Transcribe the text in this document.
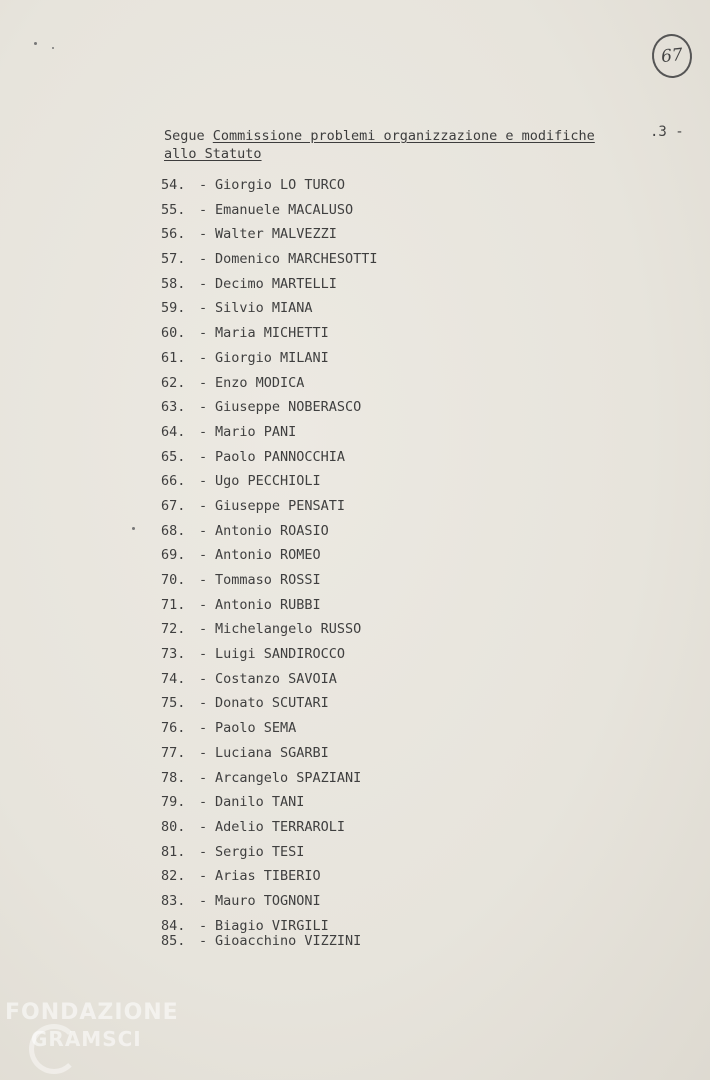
67
.3 -
Segue Commissione problemi organizzazione e modifiche
allo Statuto
54. - Giorgio LO TURCO
55. - Emanuele MACALUSO
56. - Walter MALVEZZI
57. - Domenico MARCHESOTTI
58. - Decimo MARTELLI
59. - Silvio MIANA
60. - Maria MICHETTI
61. - Giorgio MILANI
62. - Enzo MODICA
63. - Giuseppe NOBERASCO
64. - Mario PANI
65. - Paolo PANNOCCHIA
66. - Ugo PECCHIOLI
67. - Giuseppe PENSATI
68. - Antonio ROASIO
69. - Antonio ROMEO
70. - Tommaso ROSSI
71. - Antonio RUBBI
72. - Michelangelo RUSSO
73. - Luigi SANDIROCCO
74. - Costanzo SAVOIA
75. - Donato SCUTARI
76. - Paolo SEMA
77. - Luciana SGARBI
78. - Arcangelo SPAZIANI
79. - Danilo TANI
80. - Adelio TERRAROLI
81. - Sergio TESI
82. - Arias TIBERIO
83. - Mauro TOGNONI
84. - Biagio VIRGILI
85. - Gioacchino VIZZINI
FONDAZIONE
GRAMSCI
